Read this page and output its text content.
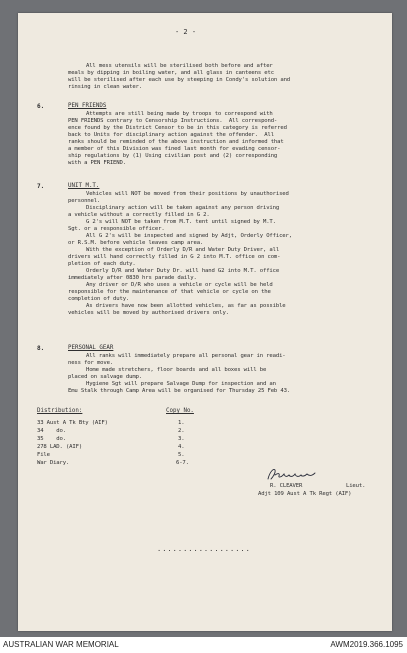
- 2 -
All mess utensils will be sterilised both before and after
meals by dipping in boiling water, and all glass in canteens etc
will be sterilised after each use by steeping in Condy's solution and
rinsing in clean water.
6.	PEN FRIENDS
Attempts are still being made by troops to correspond with
PEN FRIENDS contrary to Censorship Instructions.  All correspond-
ence found by the District Censor to be in this category is referred
back to Units for disciplinary action against the offender.  All
ranks should be reminded of the above instruction and informed that
a member of this Division was fined last month for evading censor-
ship regulations by (1) Using civilian post and (2) corresponding
with a PEN FRIEND.
7.	UNIT M.T.
Vehicles will NOT be moved from their positions by unauthorised
personnel.
Disciplinary action will be taken against any person driving
a vehicle without a correctly filled in G 2.
G 2's will NOT be taken from M.T. tent until signed by M.T.
Sgt. or a responsible officer.
All G 2's will be inspected and signed by Adjt, Orderly Officer,
or R.S.M. before vehicle leaves camp area.
With the exception of Orderly D/R and Water Duty Driver, all
drivers will hand correctly filled in G 2 into M.T. office on com-
pletion of each duty.
Orderly D/R and Water Duty Dr. will hand G2 into M.T. office
immediately after 0830 hrs parade daily.
Any driver or D/R who uses a vehicle or cycle will be held
responsible for the maintenance of that vehicle or cycle on the
completion of duty.
As drivers have now been allotted vehicles, as far as possible
vehicles will be moved by authorised drivers only.
8.	PERSONAL GEAR
All ranks will immediately prepare all personal gear in readi-
ness for move.
Home made stretchers, floor boards and all boxes will be
placed on salvage dump.
Hygiene Sgt will prepare Salvage Dump for inspection and an
Emu Stalk through Camp Area will be organised for Thursday 25 Feb 43.
Distribution:	Copy No.
33 Aust A Tk Bty (AIF)	1.
34    do.	2.
35    do.	3.
278 LAD. (AIF)	4.
File	5.
War Diary.	6-7.
R. CLEAVER	Lieut.
Adjt 109 Aust A Tk Regt (AIF)
..................
AUSTRALIAN WAR MEMORIAL	AWM2019.366.1095
